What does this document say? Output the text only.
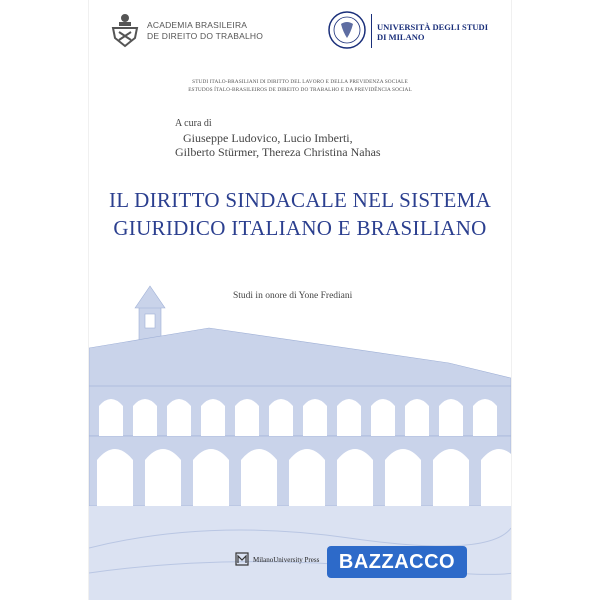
ACADEMIA BRASILEIRA
DE DIREITO DO TRABALHO
UNIVERSITÀ DEGLI STUDI
DI MILANO
STUDI ITALO-BRASILIANI DI DIRITTO DEL LAVORO E DELLA PREVIDENZA SOCIALE
ESTUDOS ÍTALO-BRASILEIROS DE DIREITO DO TRABALHO E DA PREVIDÊNCIA SOCIAL
A cura di
Giuseppe Ludovico, Lucio Imberti,
Gilberto Stürmer, Thereza Christina Nahas
IL DIRITTO SINDACALE NEL SISTEMA
GIURIDICO ITALIANO E BRASILIANO
Studi in onore di Yone Frediani
MilanoUniversity Press BAZZACCO
